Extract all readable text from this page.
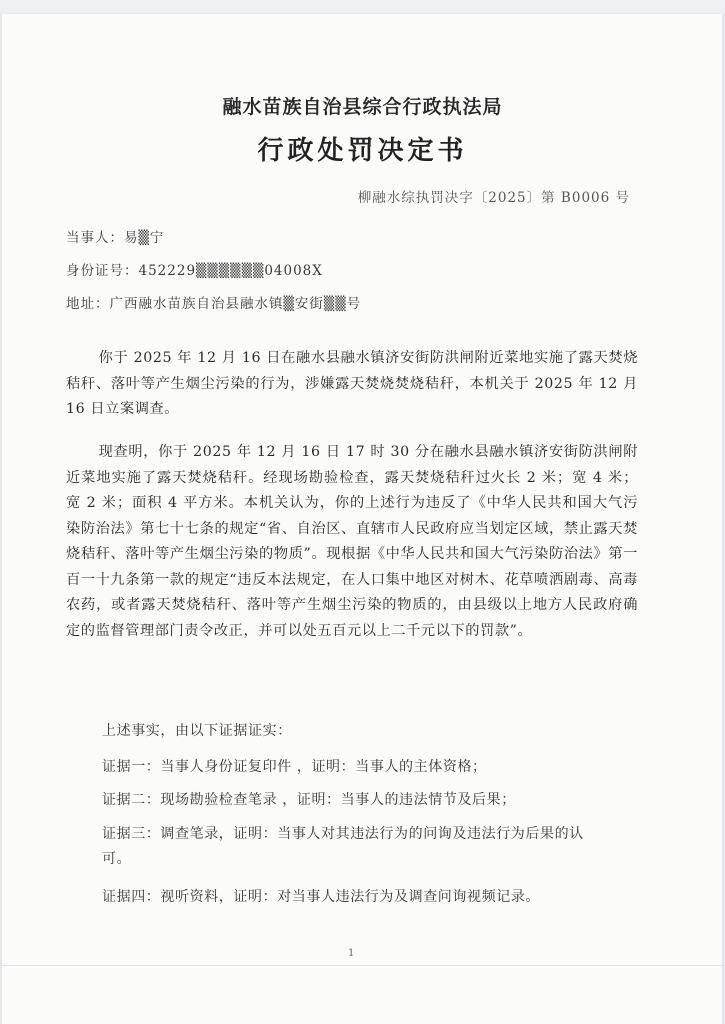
融水苗族自治县综合行政执法局
行政处罚决定书
柳融水综执罚决字〔2025〕第 B0006 号
当事人：易▒宁
身份证号：452229▒▒▒▒▒▒04008X
地址：广西融水苗族自治县融水镇▒安街▒▒号

你于 2025 年 12 月 16 日在融水县融水镇济安街防洪闸附近菜地实施了露天焚烧秸秆、落叶等产生烟尘污染的行为，涉嫌露天焚烧焚烧秸秆，本机关于 2025 年 12 月 16 日立案调查。

现查明，你于 2025 年 12 月 16 日 17 时 30 分在融水县融水镇济安街防洪闸附近菜地实施了露天焚烧秸秆。经现场勘验检查，露天焚烧秸秆过火长 2 米；宽 4 米；宽 2 米；面积 4 平方米。本机关认为，你的上述行为违反了《中华人民共和国大气污染防治法》第七十七条的规定“省、自治区、直辖市人民政府应当划定区域，禁止露天焚烧秸秆、落叶等产生烟尘污染的物质”。现根据《中华人民共和国大气污染防治法》第一百一十九条第一款的规定“违反本法规定，在人口集中地区对树木、花草喷洒剧毒、高毒农药，或者露天焚烧秸秆、落叶等产生烟尘污染的物质的，由县级以上地方人民政府确定的监督管理部门责令改正，并可以处五百元以上二千元以下的罚款”。

上述事实，由以下证据证实：
证据一：当事人身份证复印件 ，证明：当事人的主体资格；
证据二：现场勘验检查笔录 ，证明：当事人的违法情节及后果；
证据三：调查笔录，证明：当事人对其违法行为的问询及违法行为后果的认可。
证据四：视听资料，证明：对当事人违法行为及调查问询视频记录。
1
